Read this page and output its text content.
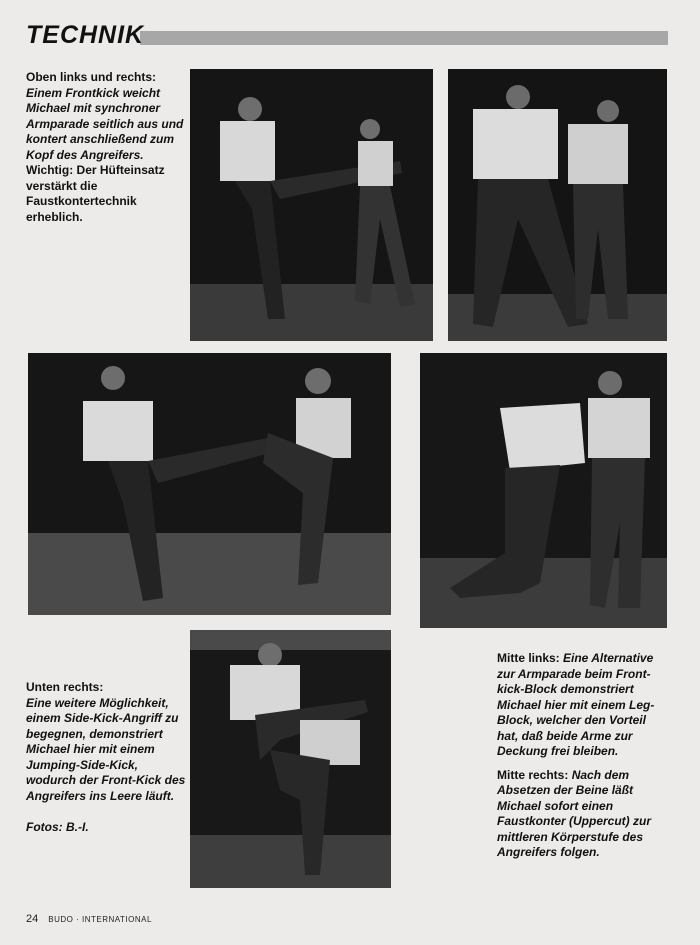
TECHNIK
Oben links und rechts:
Einem Frontkick weicht Michael mit synchroner Armparade seitlich aus und kontert anschließend zum Kopf des Angreifers.
Wichtig: Der Hüfteinsatz verstärkt die Faustkontertechnik erheblich.
Unten rechts:
Eine weitere Möglichkeit, einem Side-Kick-Angriff zu begegnen, demonstriert Michael hier mit einem Jumping-Side-Kick, wodurch der Front-Kick des Angreifers ins Leere läuft.
Fotos: B.-I.
Mitte links: Eine Alternative zur Armparade beim Front-kick-Block demonstriert Michael hier mit einem Leg-Block, welcher den Vorteil hat, daß beide Arme zur Deckung frei bleiben.
Mitte rechts: Nach dem Absetzen der Beine läßt Michael sofort einen Faustkonter (Uppercut) zur mittleren Körperstufe des Angreifers folgen.
24 BUDO · INTERNATIONAL
